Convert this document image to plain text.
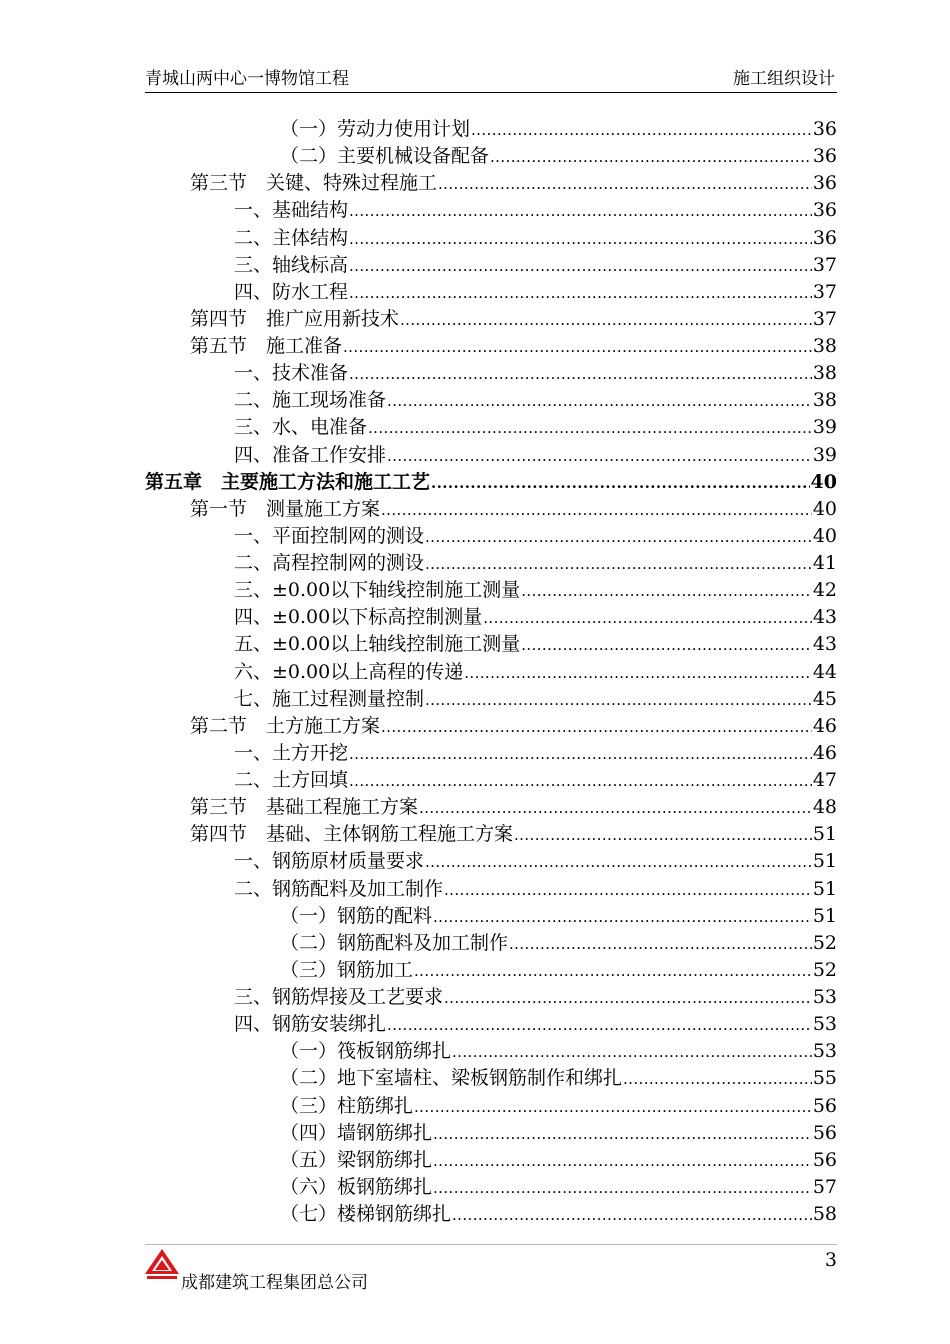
青城山两中心一博物馆工程	施工组织设计
（一）劳动力使用计划 .....	36
（二）主要机械设备配备 .....	36
第三节　关键、特殊过程施工 .....	36
一、基础结构 .....	36
二、主体结构 .....	36
三、轴线标高 .....	37
四、防水工程 .....	37
第四节　推广应用新技术 .....	37
第五节　施工准备 .....	38
一、技术准备 .....	38
二、施工现场准备 .....	38
三、水、电准备 .....	39
四、准备工作安排 .....	39
第五章　主要施工方法和施工工艺 .....	40
第一节　测量施工方案 .....	40
一、平面控制网的测设 .....	40
二、高程控制网的测设 .....	41
三、±0.00以下轴线控制施工测量 .....	42
四、±0.00以下标高控制测量 .....	43
五、±0.00以上轴线控制施工测量 .....	43
六、±0.00以上高程的传递 .....	44
七、施工过程测量控制 .....	45
第二节　土方施工方案 .....	46
一、土方开挖 .....	46
二、土方回填 .....	47
第三节　基础工程施工方案 .....	48
第四节　基础、主体钢筋工程施工方案 .....	51
一、钢筋原材质量要求 .....	51
二、钢筋配料及加工制作 .....	51
（一）钢筋的配料 .....	51
（二）钢筋配料及加工制作 .....	52
（三）钢筋加工 .....	52
三、钢筋焊接及工艺要求 .....	53
四、钢筋安装绑扎 .....	53
（一）筏板钢筋绑扎 .....	53
（二）地下室墙柱、梁板钢筋制作和绑扎 .....	55
（三）柱筋绑扎 .....	56
（四）墙钢筋绑扎 .....	56
（五）梁钢筋绑扎 .....	56
（六）板钢筋绑扎 .....	57
（七）楼梯钢筋绑扎 .....	58
成都建筑工程集团总公司
3
